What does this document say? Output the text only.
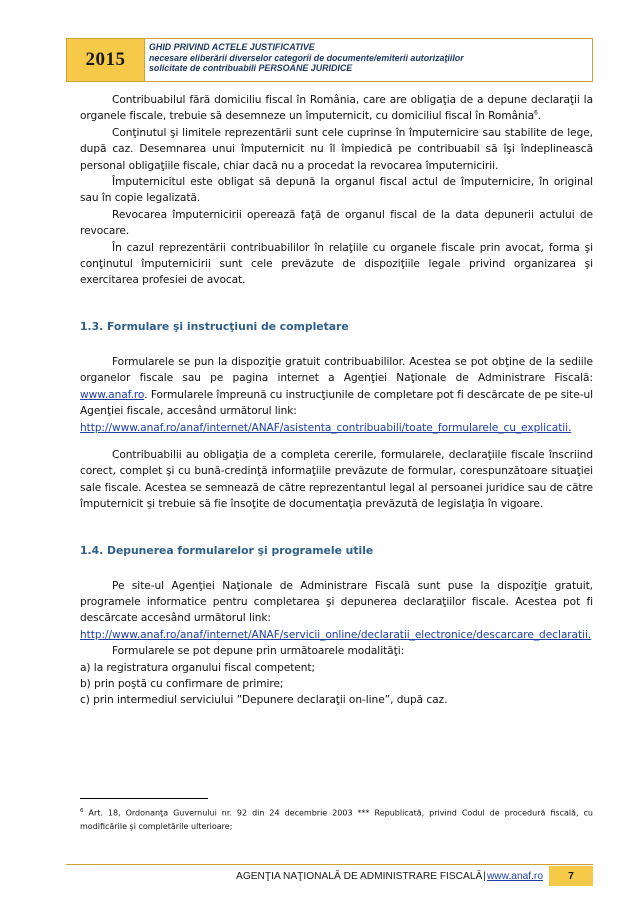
2015
GHID PRIVIND ACTELE JUSTIFICATIVE
necesare eliberării diverselor categorii de documente/emiterii autorizaţiilor
solicitate de contribuabili PERSOANE JURIDICE

Contribuabilul fără domiciliu fiscal în România, care are obligaţia de a depune declaraţii la organele fiscale, trebuie să desemneze un împuternicit, cu domiciliul fiscal în România$^6$.

Conţinutul şi limitele reprezentării sunt cele cuprinse în împuternicire sau stabilite de lege, după caz. Desemnarea unui împuternicit nu îl împiedică pe contribuabil să îşi îndeplinească personal obligaţiile fiscale, chiar dacă nu a procedat la revocarea împuternicirii.

Împuternicitul este obligat să depună la organul fiscal actul de împuternicire, în original sau în copie legalizată.

Revocarea împuternicirii operează faţă de organul fiscal de la data depunerii actului de revocare.

În cazul reprezentării contribuabililor în relaţiile cu organele fiscale prin avocat, forma şi conţinutul împuternicirii sunt cele prevăzute de dispoziţiile legale privind organizarea şi exercitarea profesiei de avocat.

1.3. Formulare şi instrucţiuni de completare

Formularele se pun la dispoziţie gratuit contribuabililor. Acestea se pot obţine de la sediile organelor fiscale sau pe pagina internet a Agenţiei Naţionale de Administrare Fiscală: www.anaf.ro. Formularele împreună cu instrucţiunile de completare pot fi descărcate de pe site-ul Agenţiei fiscale, accesând următorul link:

http://www.anaf.ro/anaf/internet/ANAF/asistenta_contribuabili/toate_formularele_cu_explicatii.

Contribuabilii au obligaţia de a completa cererile, formularele, declaraţiile fiscale înscriind corect, complet şi cu bună-credinţă informaţiile prevăzute de formular, corespunzătoare situaţiei sale fiscale. Acestea se semnează de către reprezentantul legal al persoanei juridice sau de către împuternicit şi trebuie să fie însoţite de documentaţia prevăzută de legislaţia în vigoare.

1.4. Depunerea formularelor şi programele utile

Pe site-ul Agenţiei Naţionale de Administrare Fiscală sunt puse la dispoziţie gratuit, programele informatice pentru completarea şi depunerea declaraţiilor fiscale. Acestea pot fi descărcate accesând următorul link:

http://www.anaf.ro/anaf/internet/ANAF/servicii_online/declaratii_electronice/descarcare_declaratii.

Formularele se pot depune prin următoarele modalităţi:

a) la registratura organului fiscal competent;

b) prin poştă cu confirmare de primire;

c) prin intermediul serviciului ”Depunere declaraţii on-line”, după caz.

$^6$ Art. 18, Ordonanţa Guvernului nr. 92 din 24 decembrie 2003 *** Republicată, privind Codul de procedură fiscală, cu modificările şi completările ulterioare;
AGENŢIA NAŢIONALĂ DE ADMINISTRARE FISCALĂ | www.anaf.ro	7
